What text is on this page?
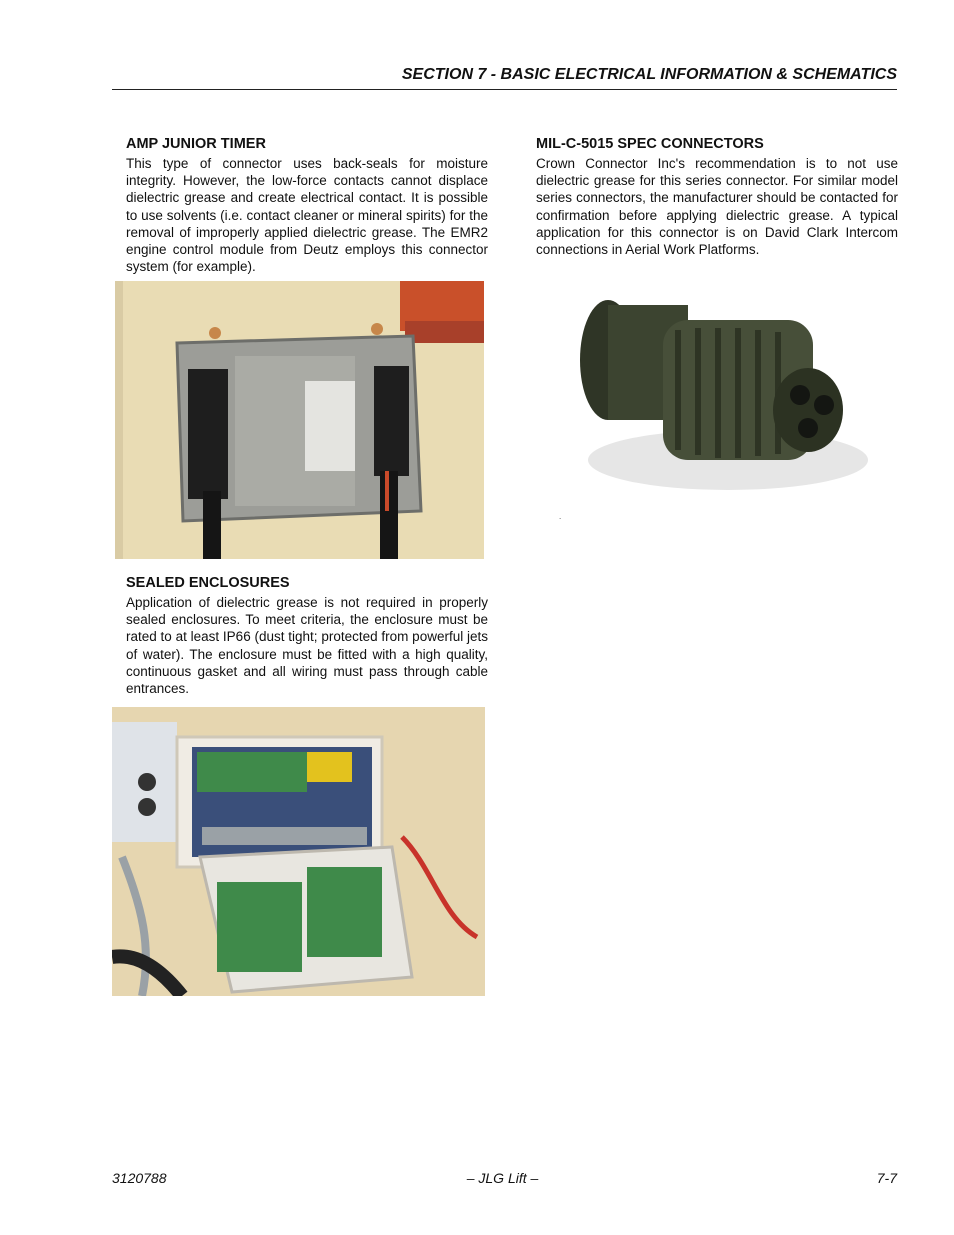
SECTION 7 - BASIC ELECTRICAL INFORMATION & SCHEMATICS
AMP JUNIOR TIMER

This type of connector uses back-seals for moisture integrity. However, the low-force contacts cannot displace dielectric grease and create electrical contact. It is possible to use solvents (i.e. contact cleaner or mineral spirits) for the removal of improperly applied dielectric grease. The EMR2 engine control module from Deutz employs this connector system (for example).

SEALED ENCLOSURES

Application of dielectric grease is not required in properly sealed enclosures. To meet criteria, the enclosure must be rated to at least IP66 (dust tight; protected from powerful jets of water). The enclosure must be fitted with a high quality, continuous gasket and all wiring must pass through cable entrances.

MIL-C-5015 SPEC CONNECTORS

Crown Connector Inc's recommendation is to not use dielectric grease for this series connector. For similar model series connectors, the manufacturer should be contacted for confirmation before applying dielectric grease. A typical application for this connector is on David Clark Intercom connections in Aerial Work Platforms.

.
3120788	– JLG Lift –	7-7
